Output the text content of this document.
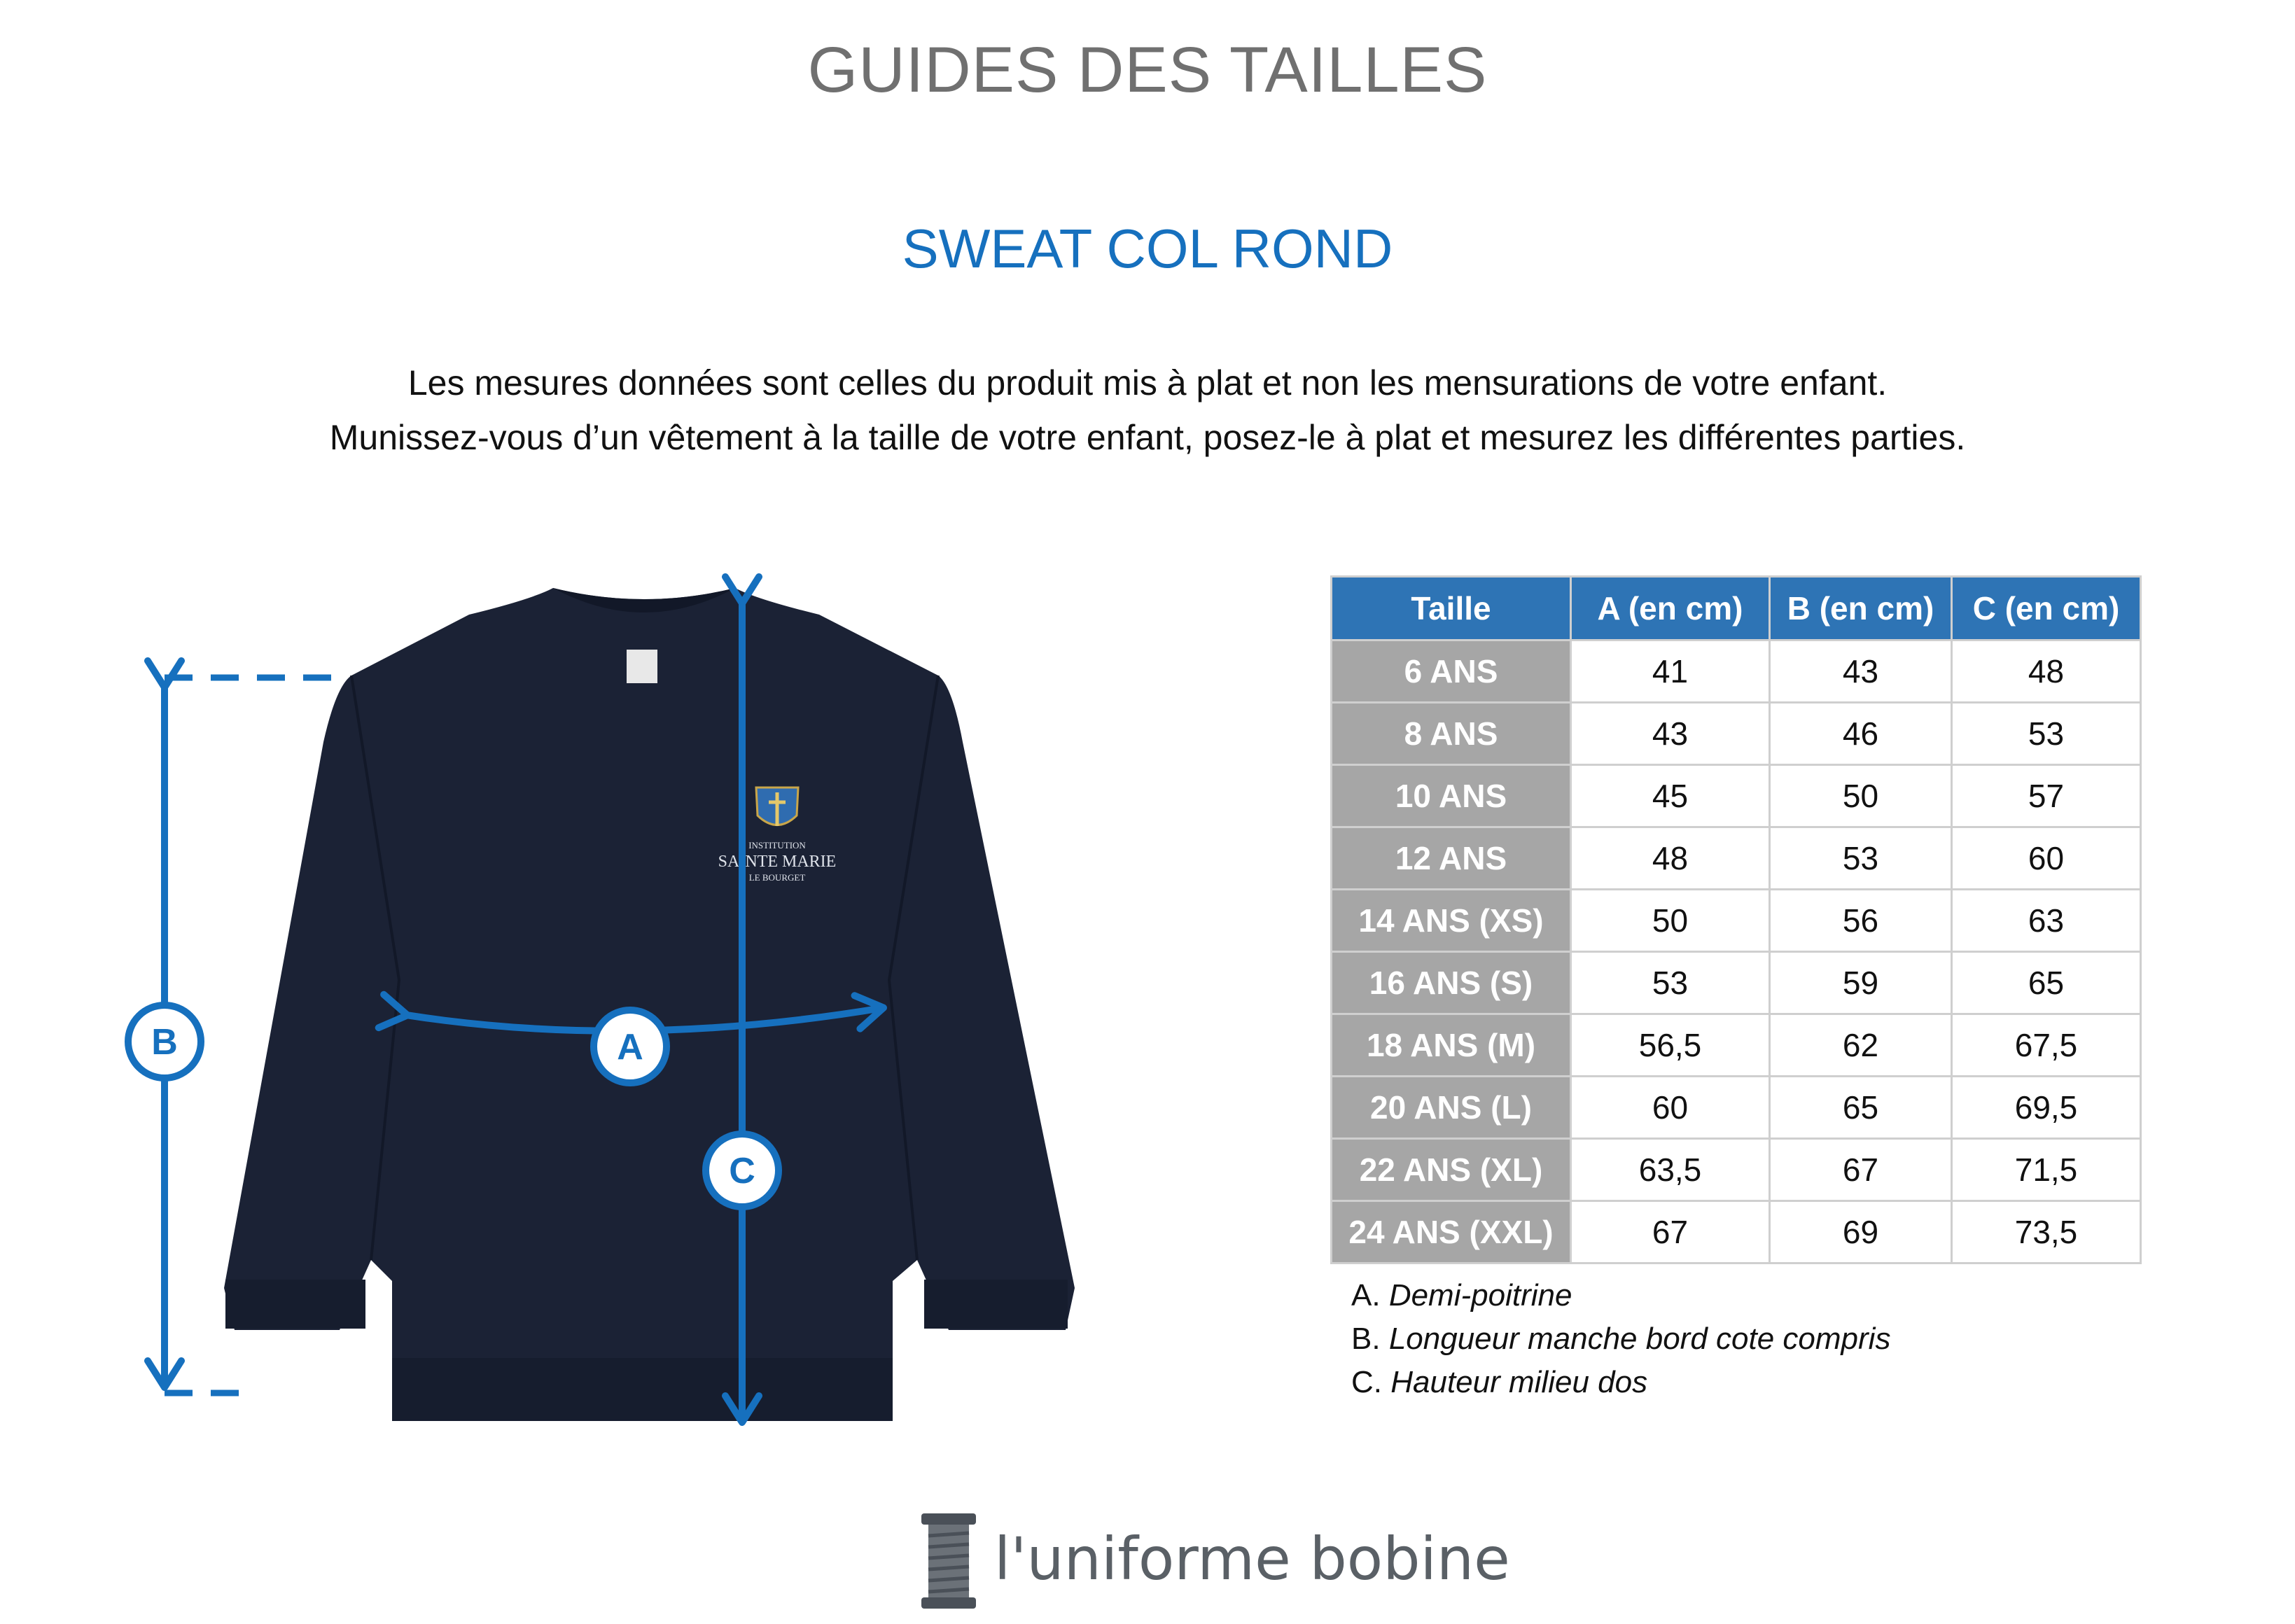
GUIDES DES TAILLES
SWEAT COL ROND

Les mesures données sont celles du produit mis à plat et non les mensurations de votre enfant.

Munissez-vous d’un vêtement à la taille de votre enfant, posez-le à plat et mesurez les différentes parties.

INSTITUTION
SAINTE MARIE
LE BOURGET
B	A
C
Taille	A (en cm)	B (en cm)	C (en cm)
6 ANS	41	43	48
8 ANS	43	46	53
10 ANS	45	50	57
12 ANS	48	53	60
14 ANS (XS)	50	56	63
16 ANS (S)	53	59	65
18 ANS (M)	56,5	62	67,5
20 ANS (L)	60	65	69,5
22 ANS (XL)	63,5	67	71,5
24 ANS (XXL)	67	69	73,5
A. Demi-poitrine
B. Longueur manche bord cote compris
C. Hauteur milieu dos
l'uniforme bobine
